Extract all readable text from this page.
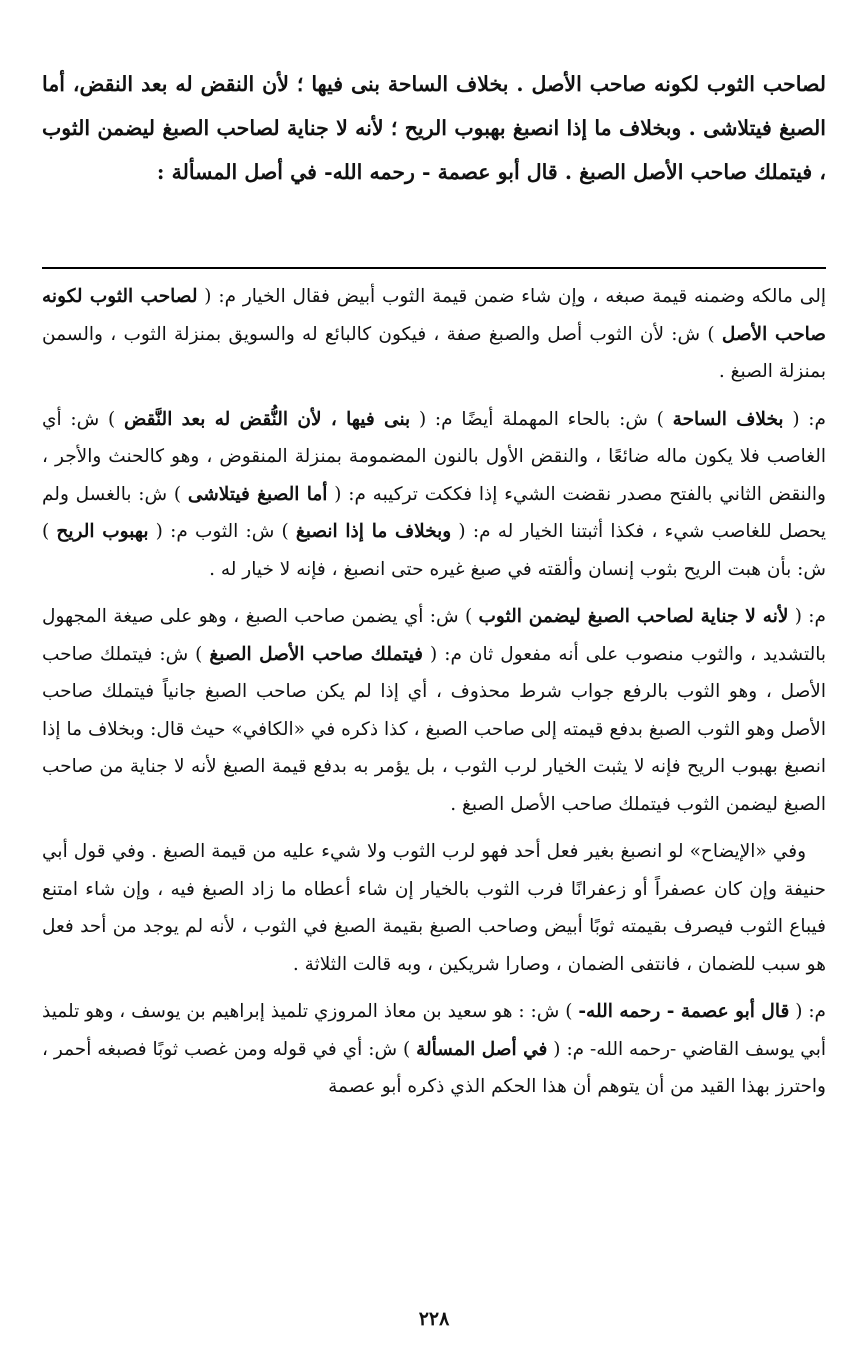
لصاحب الثوب لكونه صاحب الأصل . بخلاف الساحة بنى فيها ؛ لأن النقض له بعد النقض، أما الصبغ فيتلاشى . وبخلاف ما إذا انصبغ بهبوب الريح ؛ لأنه لا جناية لصاحب الصبغ ليضمن الثوب ، فيتملك صاحب الأصل الصبغ . قال أبو عصمة - رحمه الله- في أصل المسألة :

إلى مالكه وضمنه قيمة صبغه ، وإن شاء ضمن قيمة الثوب أبيض فقال الخيار م: ( لصاحب الثوب لكونه صاحب الأصل ) ش: لأن الثوب أصل والصبغ صفة ، فيكون كالبائع له والسويق بمنزلة الثوب ، والسمن بمنزلة الصبغ .

م: ( بخلاف الساحة ) ش: بالحاء المهملة أيضًا م: ( بنى فيها ، لأن النُّقض له بعد النَّقض ) ش: أي الغاصب فلا يكون ماله ضائعًا ، والنقض الأول بالنون المضمومة بمنزلة المنقوض ، وهو كالحنث والأجر ، والنقض الثاني بالفتح مصدر نقضت الشيء إذا فككت تركيبه م: ( أما الصبغ فيتلاشى ) ش: بالغسل ولم يحصل للغاصب شيء ، فكذا أثبتنا الخيار له م: ( وبخلاف ما إذا انصبغ ) ش: الثوب م: ( بهبوب الريح ) ش: بأن هبت الريح بثوب إنسان وألقته في صبغ غيره حتى انصبغ ، فإنه لا خيار له .

م: ( لأنه لا جناية لصاحب الصبغ ليضمن الثوب ) ش: أي يضمن صاحب الصبغ ، وهو على صيغة المجهول بالتشديد ، والثوب منصوب على أنه مفعول ثان م: ( فيتملك صاحب الأصل الصبغ ) ش: فيتملك صاحب الأصل ، وهو الثوب بالرفع جواب شرط محذوف ، أي إذا لم يكن صاحب الصبغ جانياً فيتملك صاحب الأصل وهو الثوب الصبغ بدفع قيمته إلى صاحب الصبغ ، كذا ذكره في «الكافي» حيث قال: وبخلاف ما إذا انصبغ بهبوب الريح فإنه لا يثبت الخيار لرب الثوب ، بل يؤمر به بدفع قيمة الصبغ لأنه لا جناية من صاحب الصبغ ليضمن الثوب فيتملك صاحب الأصل الصبغ .

وفي «الإيضاح» لو انصبغ بغير فعل أحد فهو لرب الثوب ولا شيء عليه من قيمة الصبغ . وفي قول أبي حنيفة وإن كان عصفراً أو زعفرانًا فرب الثوب بالخيار إن شاء أعطاه ما زاد الصبغ فيه ، وإن شاء امتنع فيباع الثوب فيصرف بقيمته ثوبًا أبيض وصاحب الصبغ بقيمة الصبغ في الثوب ، لأنه لم يوجد من أحد فعل هو سبب للضمان ، فانتفى الضمان ، وصارا شريكين ، وبه قالت الثلاثة .

م: ( قال أبو عصمة - رحمه الله- ) ش: : هو سعيد بن معاذ المروزي تلميذ إبراهيم بن يوسف ، وهو تلميذ أبي يوسف القاضي -رحمه الله- م: ( في أصل المسألة ) ش: أي في قوله ومن غصب ثوبًا فصبغه أحمر ، واحترز بهذا القيد من أن يتوهم أن هذا الحكم الذي ذكره أبو عصمة

٢٢٨
